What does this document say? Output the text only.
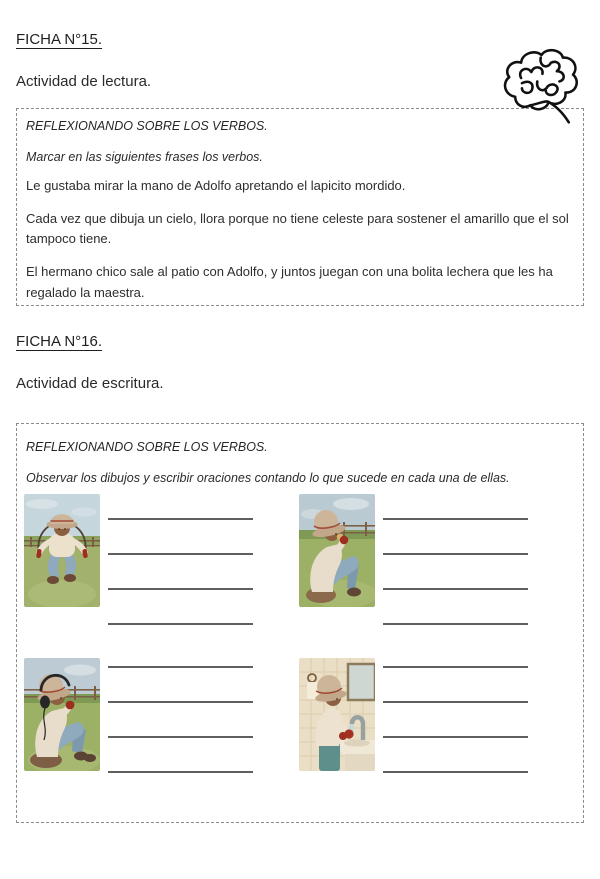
FICHA N°15.
Actividad de lectura.
REFLEXIONANDO SOBRE LOS VERBOS.
Marcar en las siguientes frases los verbos.

Le gustaba mirar la mano de Adolfo apretando el lapicito mordido.

Cada vez que dibuja un cielo, llora porque no tiene celeste para sostener el amarillo que el sol tampoco tiene.

El hermano chico sale al patio con Adolfo, y juntos juegan con una bolita lechera que les ha regalado la maestra.

FICHA N°16.
Actividad de escritura.
REFLEXIONANDO SOBRE LOS VERBOS.
Observar los dibujos y escribir oraciones contando lo que sucede en cada una de ellas.
